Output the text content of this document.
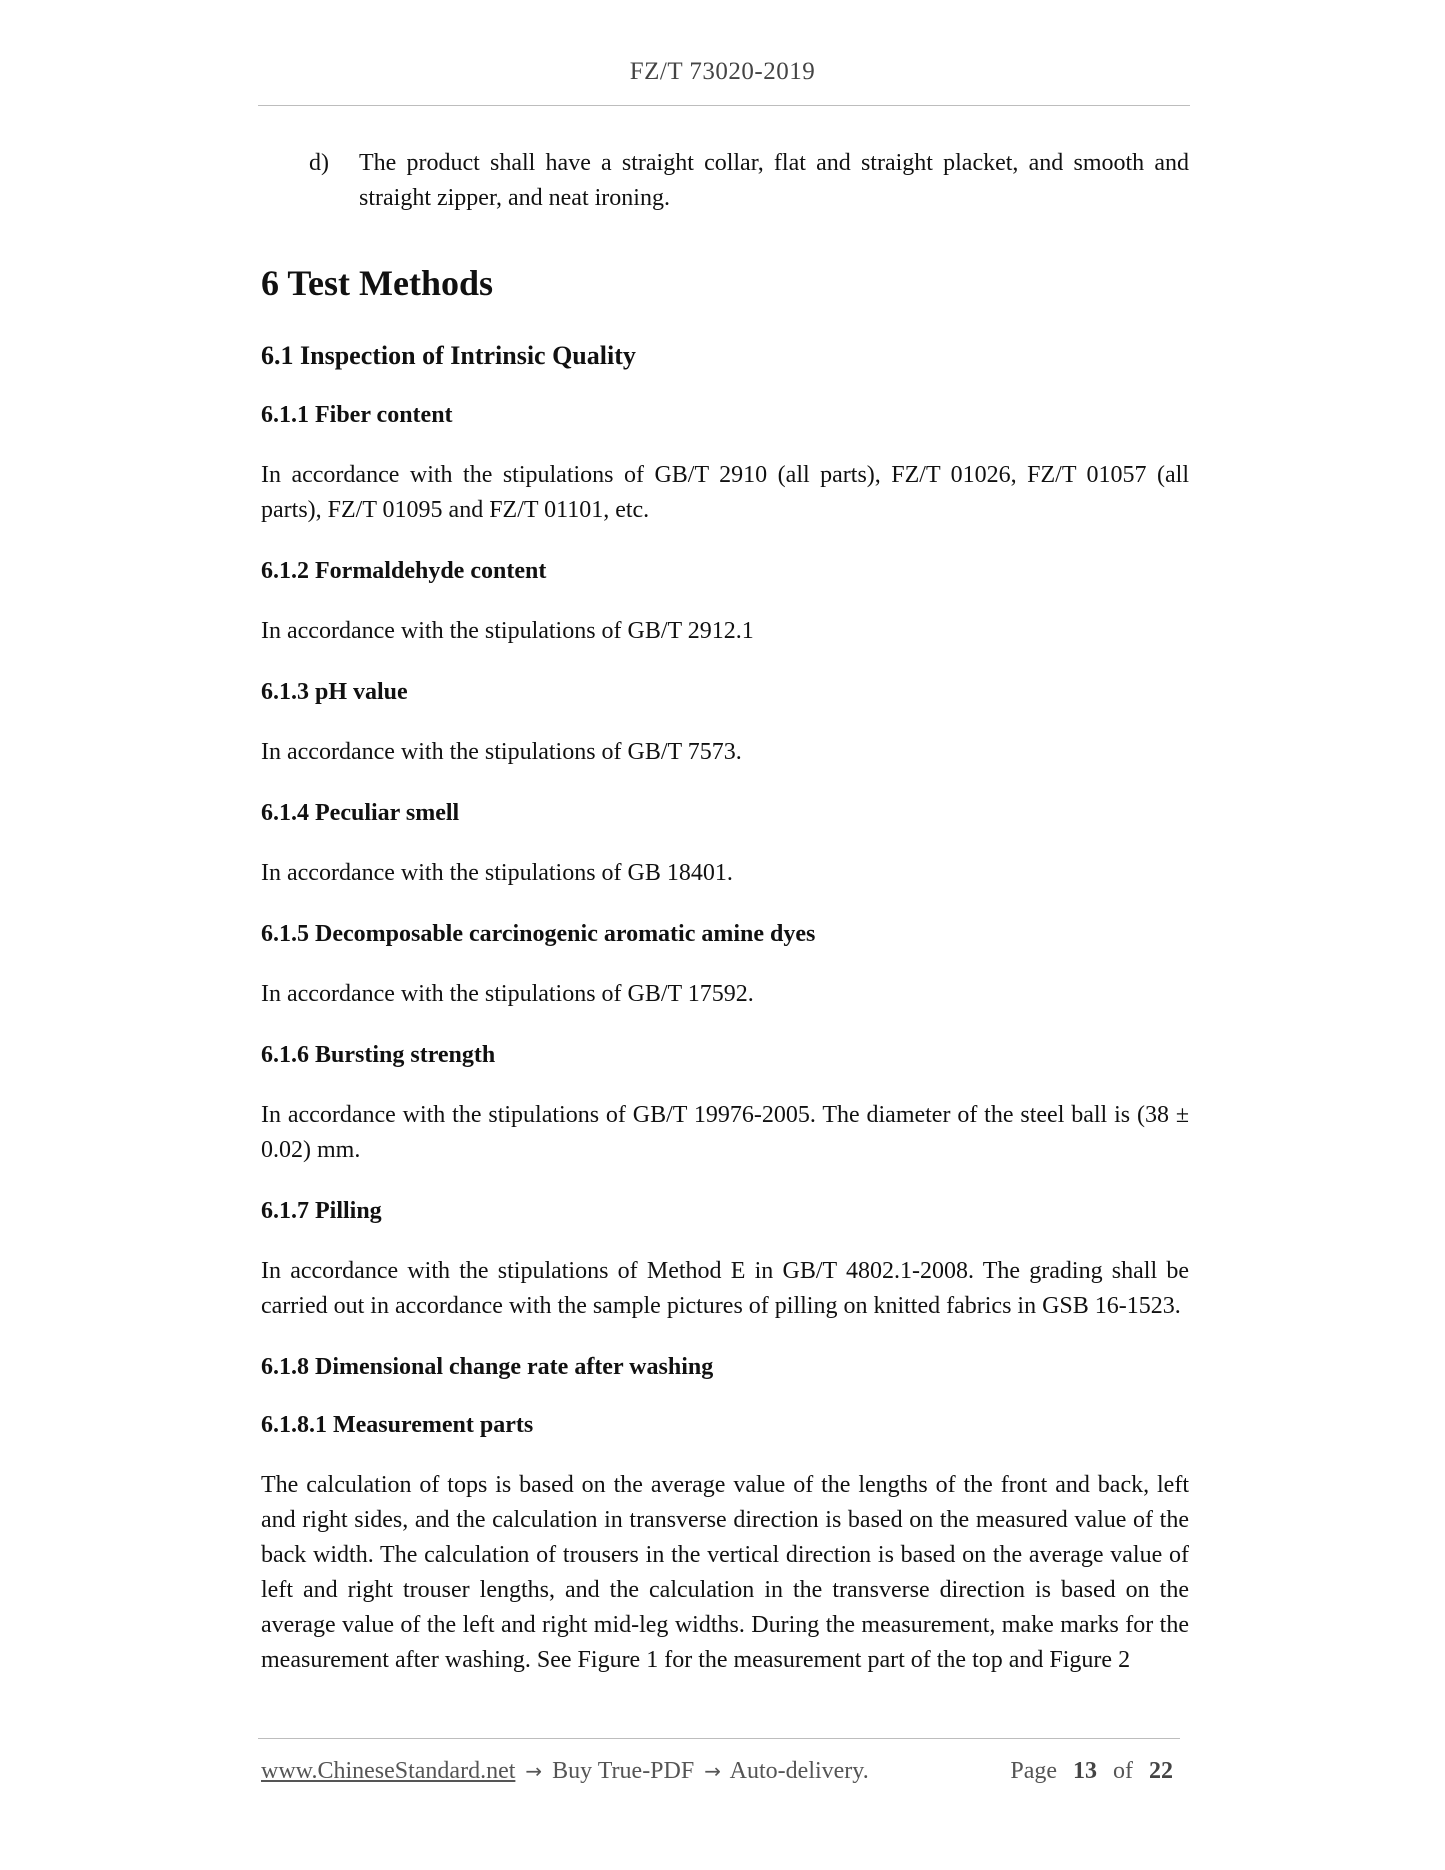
FZ/T 73020-2019
d)	The product shall have a straight collar, flat and straight placket, and smooth and straight zipper, and neat ironing.
6 Test Methods
6.1 Inspection of Intrinsic Quality
6.1.1 Fiber content

In accordance with the stipulations of GB/T 2910 (all parts), FZ/T 01026, FZ/T 01057 (all parts), FZ/T 01095 and FZ/T 01101, etc.

6.1.2 Formaldehyde content

In accordance with the stipulations of GB/T 2912.1

6.1.3 pH value

In accordance with the stipulations of GB/T 7573.

6.1.4 Peculiar smell

In accordance with the stipulations of GB 18401.

6.1.5 Decomposable carcinogenic aromatic amine dyes

In accordance with the stipulations of GB/T 17592.

6.1.6 Bursting strength

In accordance with the stipulations of GB/T 19976-2005. The diameter of the steel ball is (38 ± 0.02) mm.

6.1.7 Pilling

In accordance with the stipulations of Method E in GB/T 4802.1-2008. The grading shall be carried out in accordance with the sample pictures of pilling on knitted fabrics in GSB 16-1523.

6.1.8 Dimensional change rate after washing
6.1.8.1 Measurement parts

The calculation of tops is based on the average value of the lengths of the front and back, left and right sides, and the calculation in transverse direction is based on the measured value of the back width. The calculation of trousers in the vertical direction is based on the average value of left and right trouser lengths, and the calculation in the transverse direction is based on the average value of the left and right mid-leg widths. During the measurement, make marks for the measurement after washing. See Figure 1 for the measurement part of the top and Figure 2

www.ChineseStandard.net → Buy True-PDF → Auto-delivery.	Page 13 of 22
